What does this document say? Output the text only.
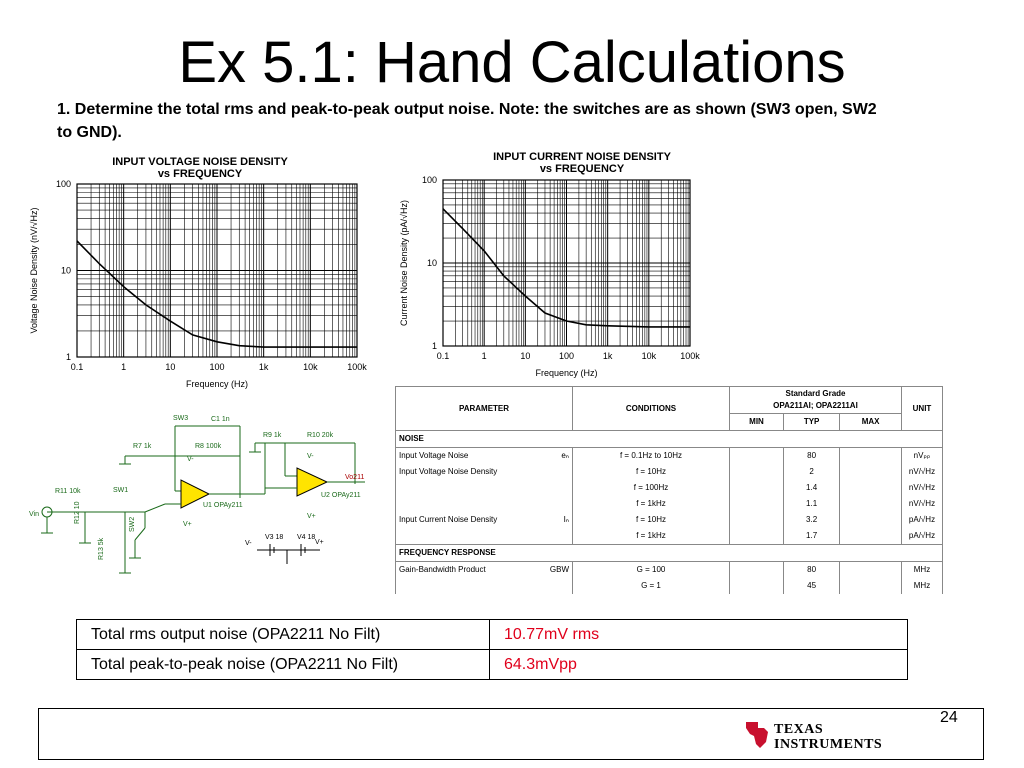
Ex 5.1: Hand Calculations
1. Determine the total rms and peak-to-peak output noise. Note: the switches are as shown (SW3 open, SW2 to GND).
INPUT VOLTAGE NOISE DENSITY
vs FREQUENCY
0.1	1	10	100	1k	10k	100k
100
10
1
Frequency (Hz)
Voltage Noise Density (nV/√Hz)
INPUT CURRENT NOISE DENSITY
vs FREQUENCY
0.1	1	10	100	1k	10k	100k
100
10
1
Frequency (Hz)
Current Noise Density (pA/√Hz)
SW3	C1 1n
R7 1k	R8 100k
R9 1k	R10 20k
V-	V-
V+
V+
Vo211
U1 OPAy211
U2 OPAy211
R11 10k	SW1
Vin	R12 10
SW2
R13 5k
V3 18 V4 18
V-	V+
PARAMETER	CONDITIONS	Standard Grade
OPA211AI; OPA2211AI			UNIT
		MIN	TYP	MAX	
NOISE					
Input Voltage Noise eₙ	f = 0.1Hz to 10Hz		80		nVₚₚ
Input Voltage Noise Density	f = 10Hz		2		nV/√Hz

	f = 100Hz		1.4		nV/√Hz

	f = 1kHz		1.1		nV/√Hz
Input Current Noise Density Iₙ	f = 10Hz		3.2		pA/√Hz

	f = 1kHz		1.7		pA/√Hz
FREQUENCY RESPONSE					
Gain-Bandwidth Product GBW	G = 100		80		MHz

	G = 1		45		MHz
Total rms output noise (OPA2211 No Filt)	10.77mV rms
Total peak-to-peak noise (OPA2211 No Filt)	64.3mVpp
24
TEXAS
INSTRUMENTS
